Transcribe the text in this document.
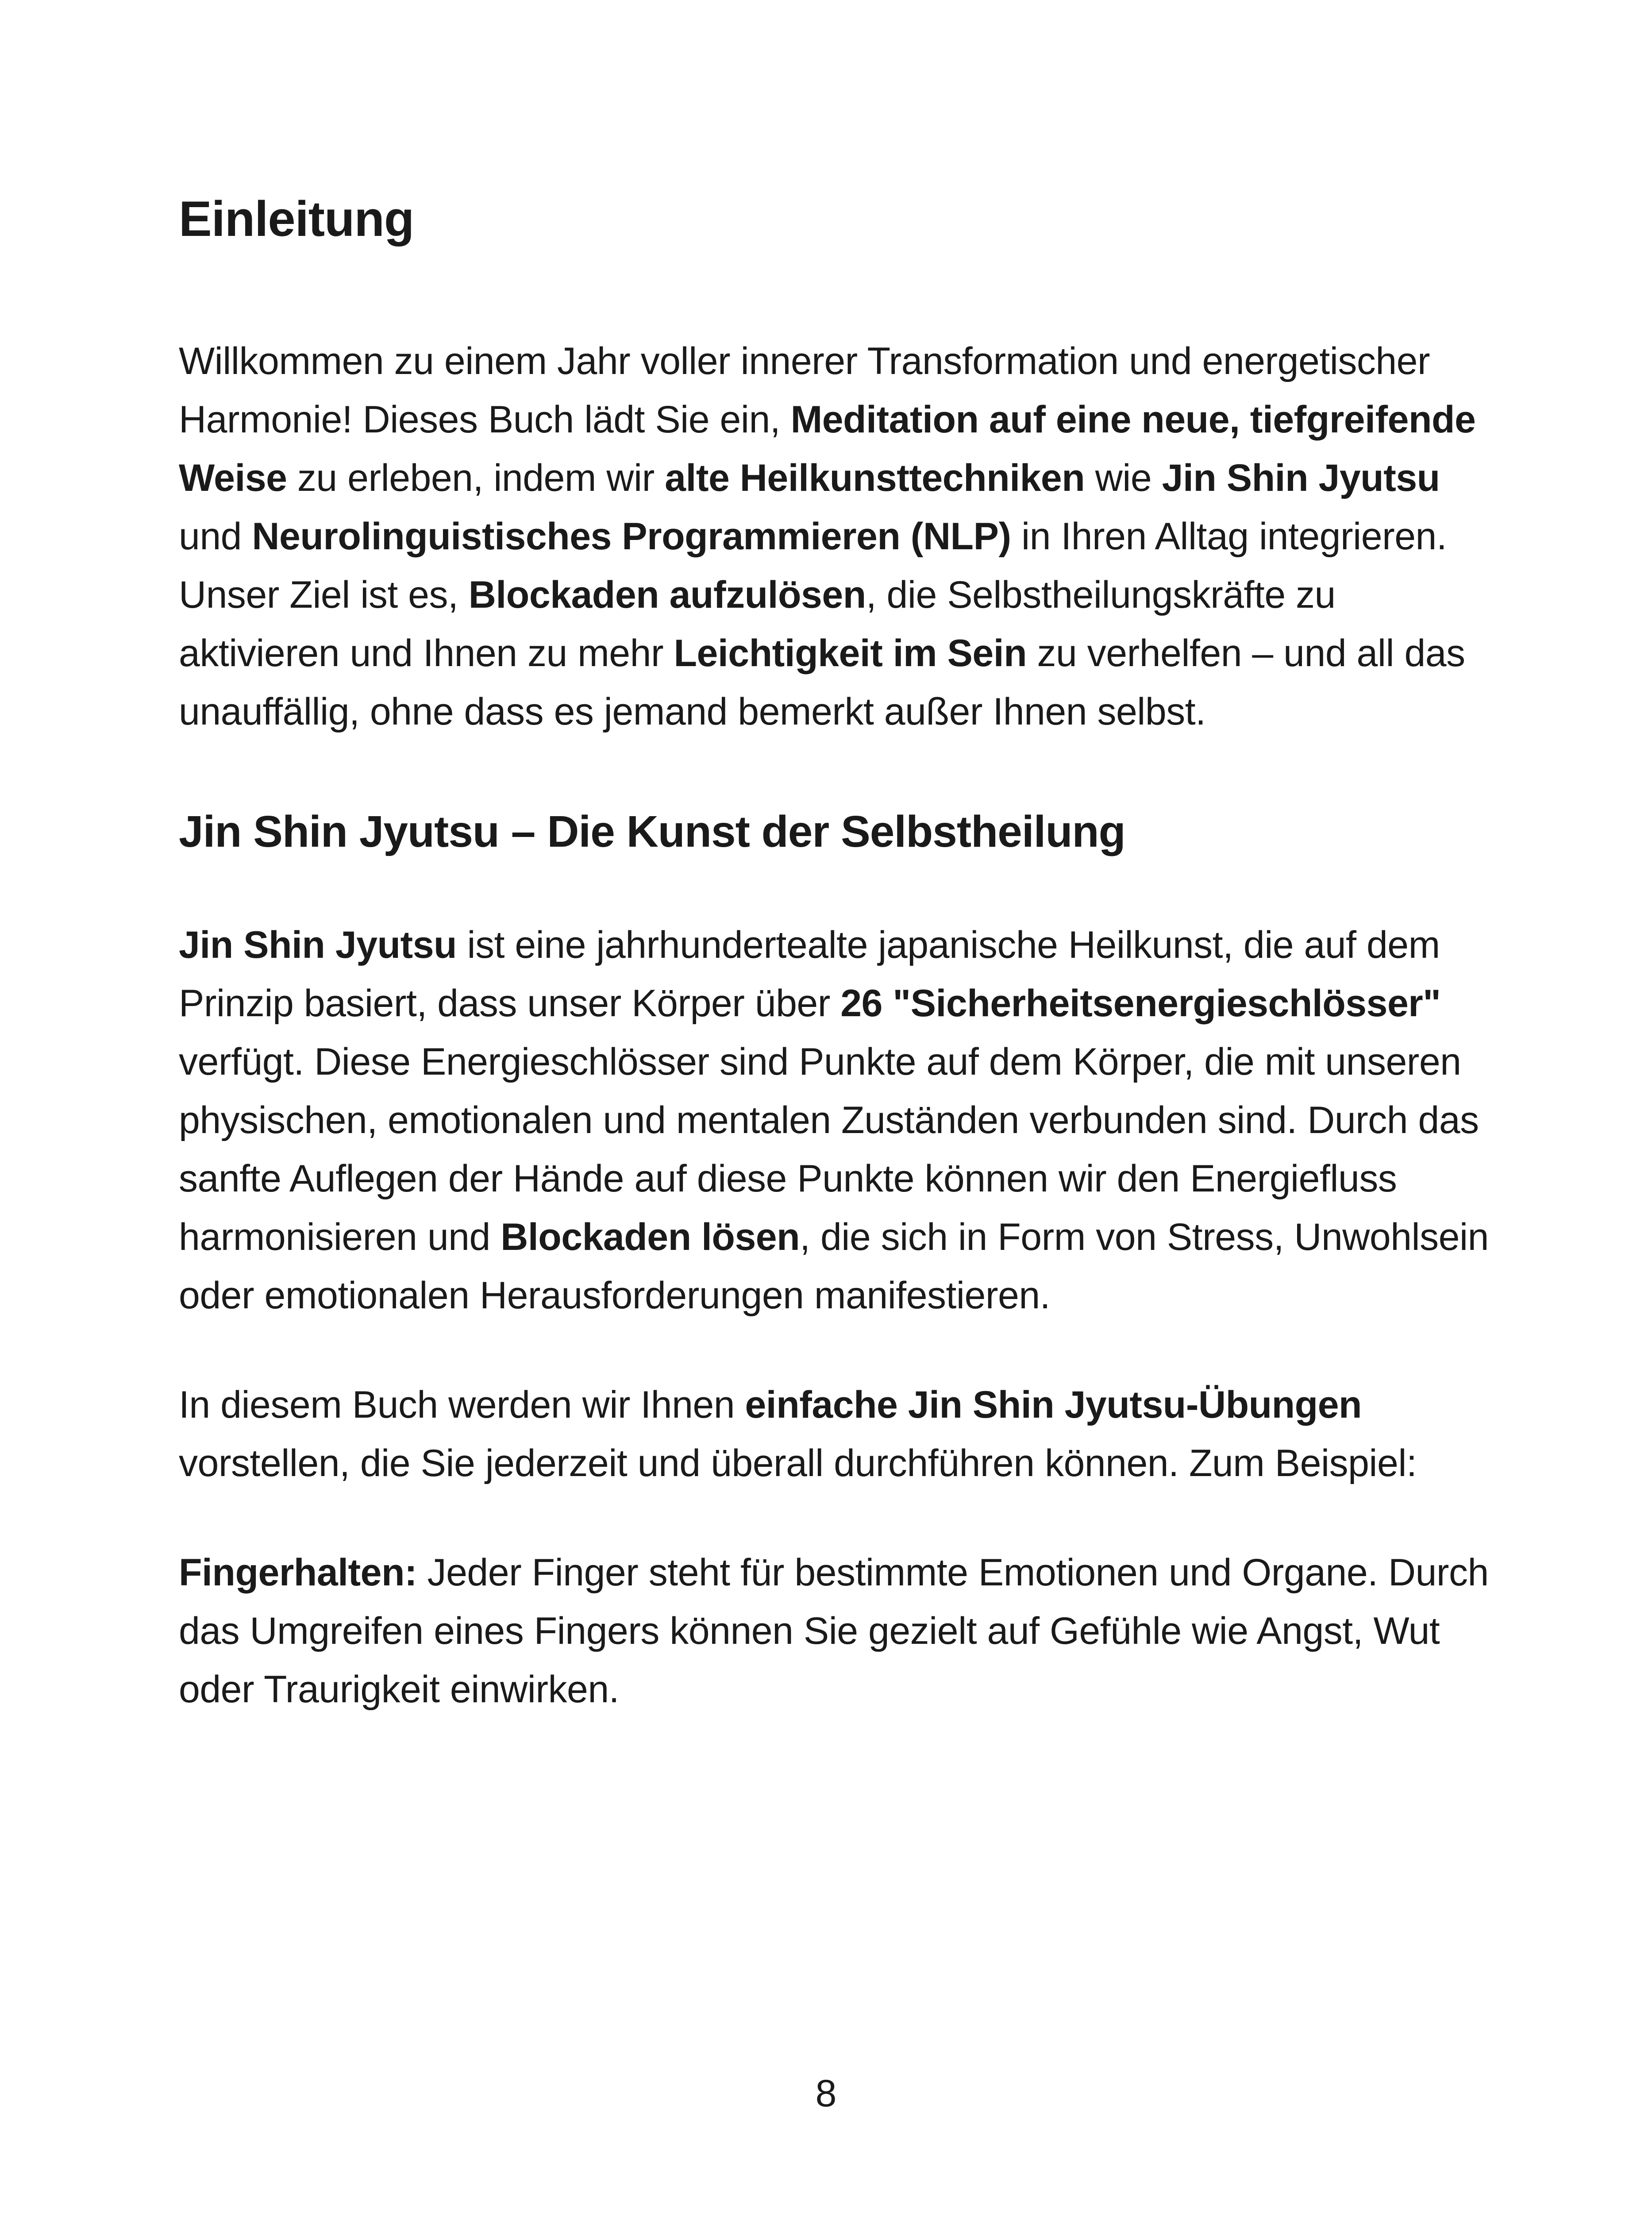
Einleitung

Willkommen zu einem Jahr voller innerer Transformation und energetischer Harmonie! Dieses Buch lädt Sie ein, Meditation auf eine neue, tiefgreifende Weise zu erleben, indem wir alte Heilkunsttechniken wie Jin Shin Jyutsu und Neurolinguistisches Programmieren (NLP) in Ihren Alltag integrieren. Unser Ziel ist es, Blockaden aufzulösen, die Selbstheilungskräfte zu aktivieren und Ihnen zu mehr Leichtigkeit im Sein zu verhelfen – und all das unauffällig, ohne dass es jemand bemerkt außer Ihnen selbst.

Jin Shin Jyutsu – Die Kunst der Selbstheilung

Jin Shin Jyutsu ist eine jahrhundertealte japanische Heilkunst, die auf dem Prinzip basiert, dass unser Körper über 26 "Sicherheitsenergieschlösser" verfügt. Diese Energieschlösser sind Punkte auf dem Körper, die mit unseren physischen, emotionalen und mentalen Zuständen verbunden sind. Durch das sanfte Auflegen der Hände auf diese Punkte können wir den Energiefluss harmonisieren und Blockaden lösen, die sich in Form von Stress, Unwohlsein oder emotionalen Herausforderungen manifestieren.

In diesem Buch werden wir Ihnen einfache Jin Shin Jyutsu-Übungen vorstellen, die Sie jederzeit und überall durchführen können. Zum Beispiel:

Fingerhalten: Jeder Finger steht für bestimmte Emotionen und Organe. Durch das Umgreifen eines Fingers können Sie gezielt auf Gefühle wie Angst, Wut oder Traurigkeit einwirken.

8
